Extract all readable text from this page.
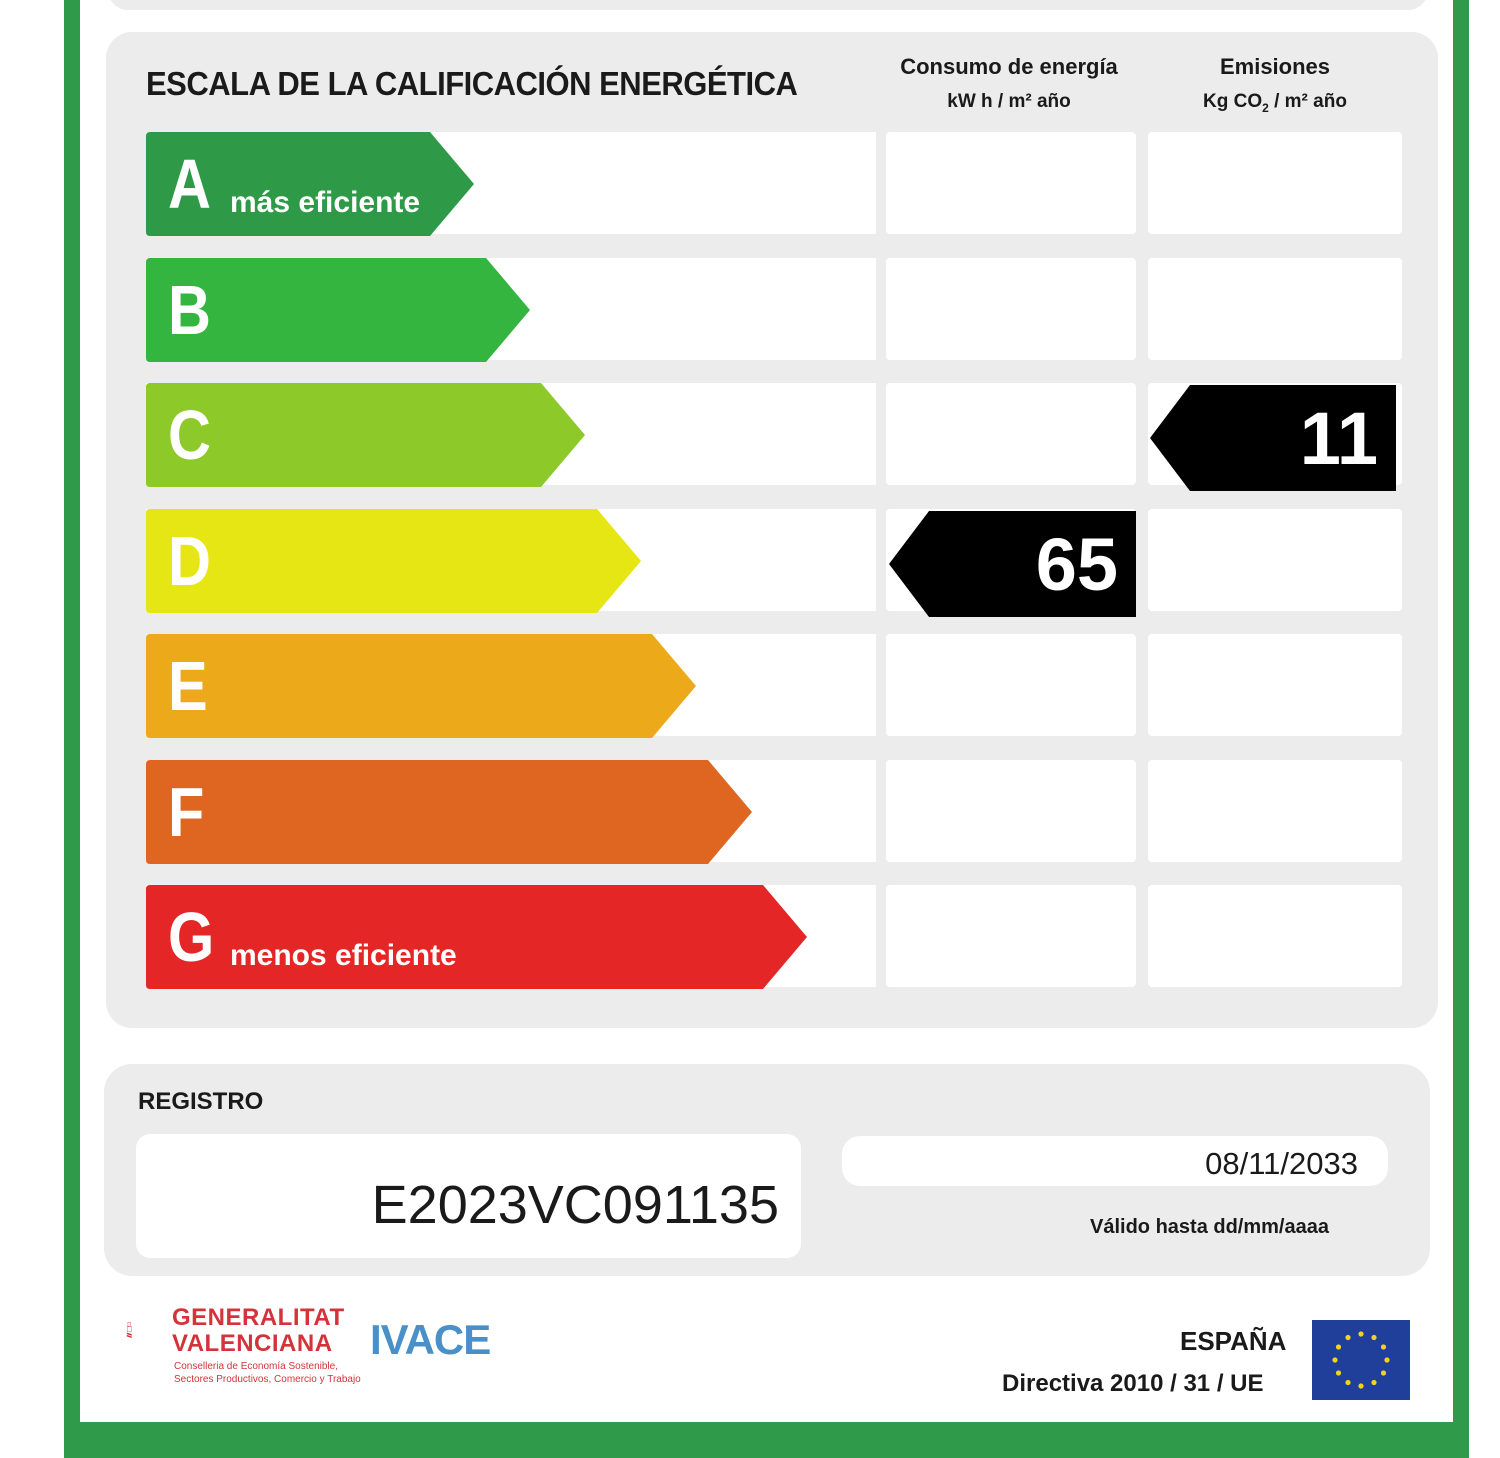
ESCALA DE LA CALIFICACIÓN ENERGÉTICA	Consumo de energía
kW h / m² año
Emisiones
Kg $CO_2 / m^2$ año
A más eficiente
B
C
D
E
F
G menos eficiente
65
11
REGISTRO
E2023VC091135
08/11/2033
Válido hasta dd/mm/aaaa
GENERALITAT
VALENCIANA
Conselleria de Economía Sostenible, Sectores Productivos, Comercio y Trabajo
IVACE	ESPAÑA
Directiva 2010 / 31 / UE
